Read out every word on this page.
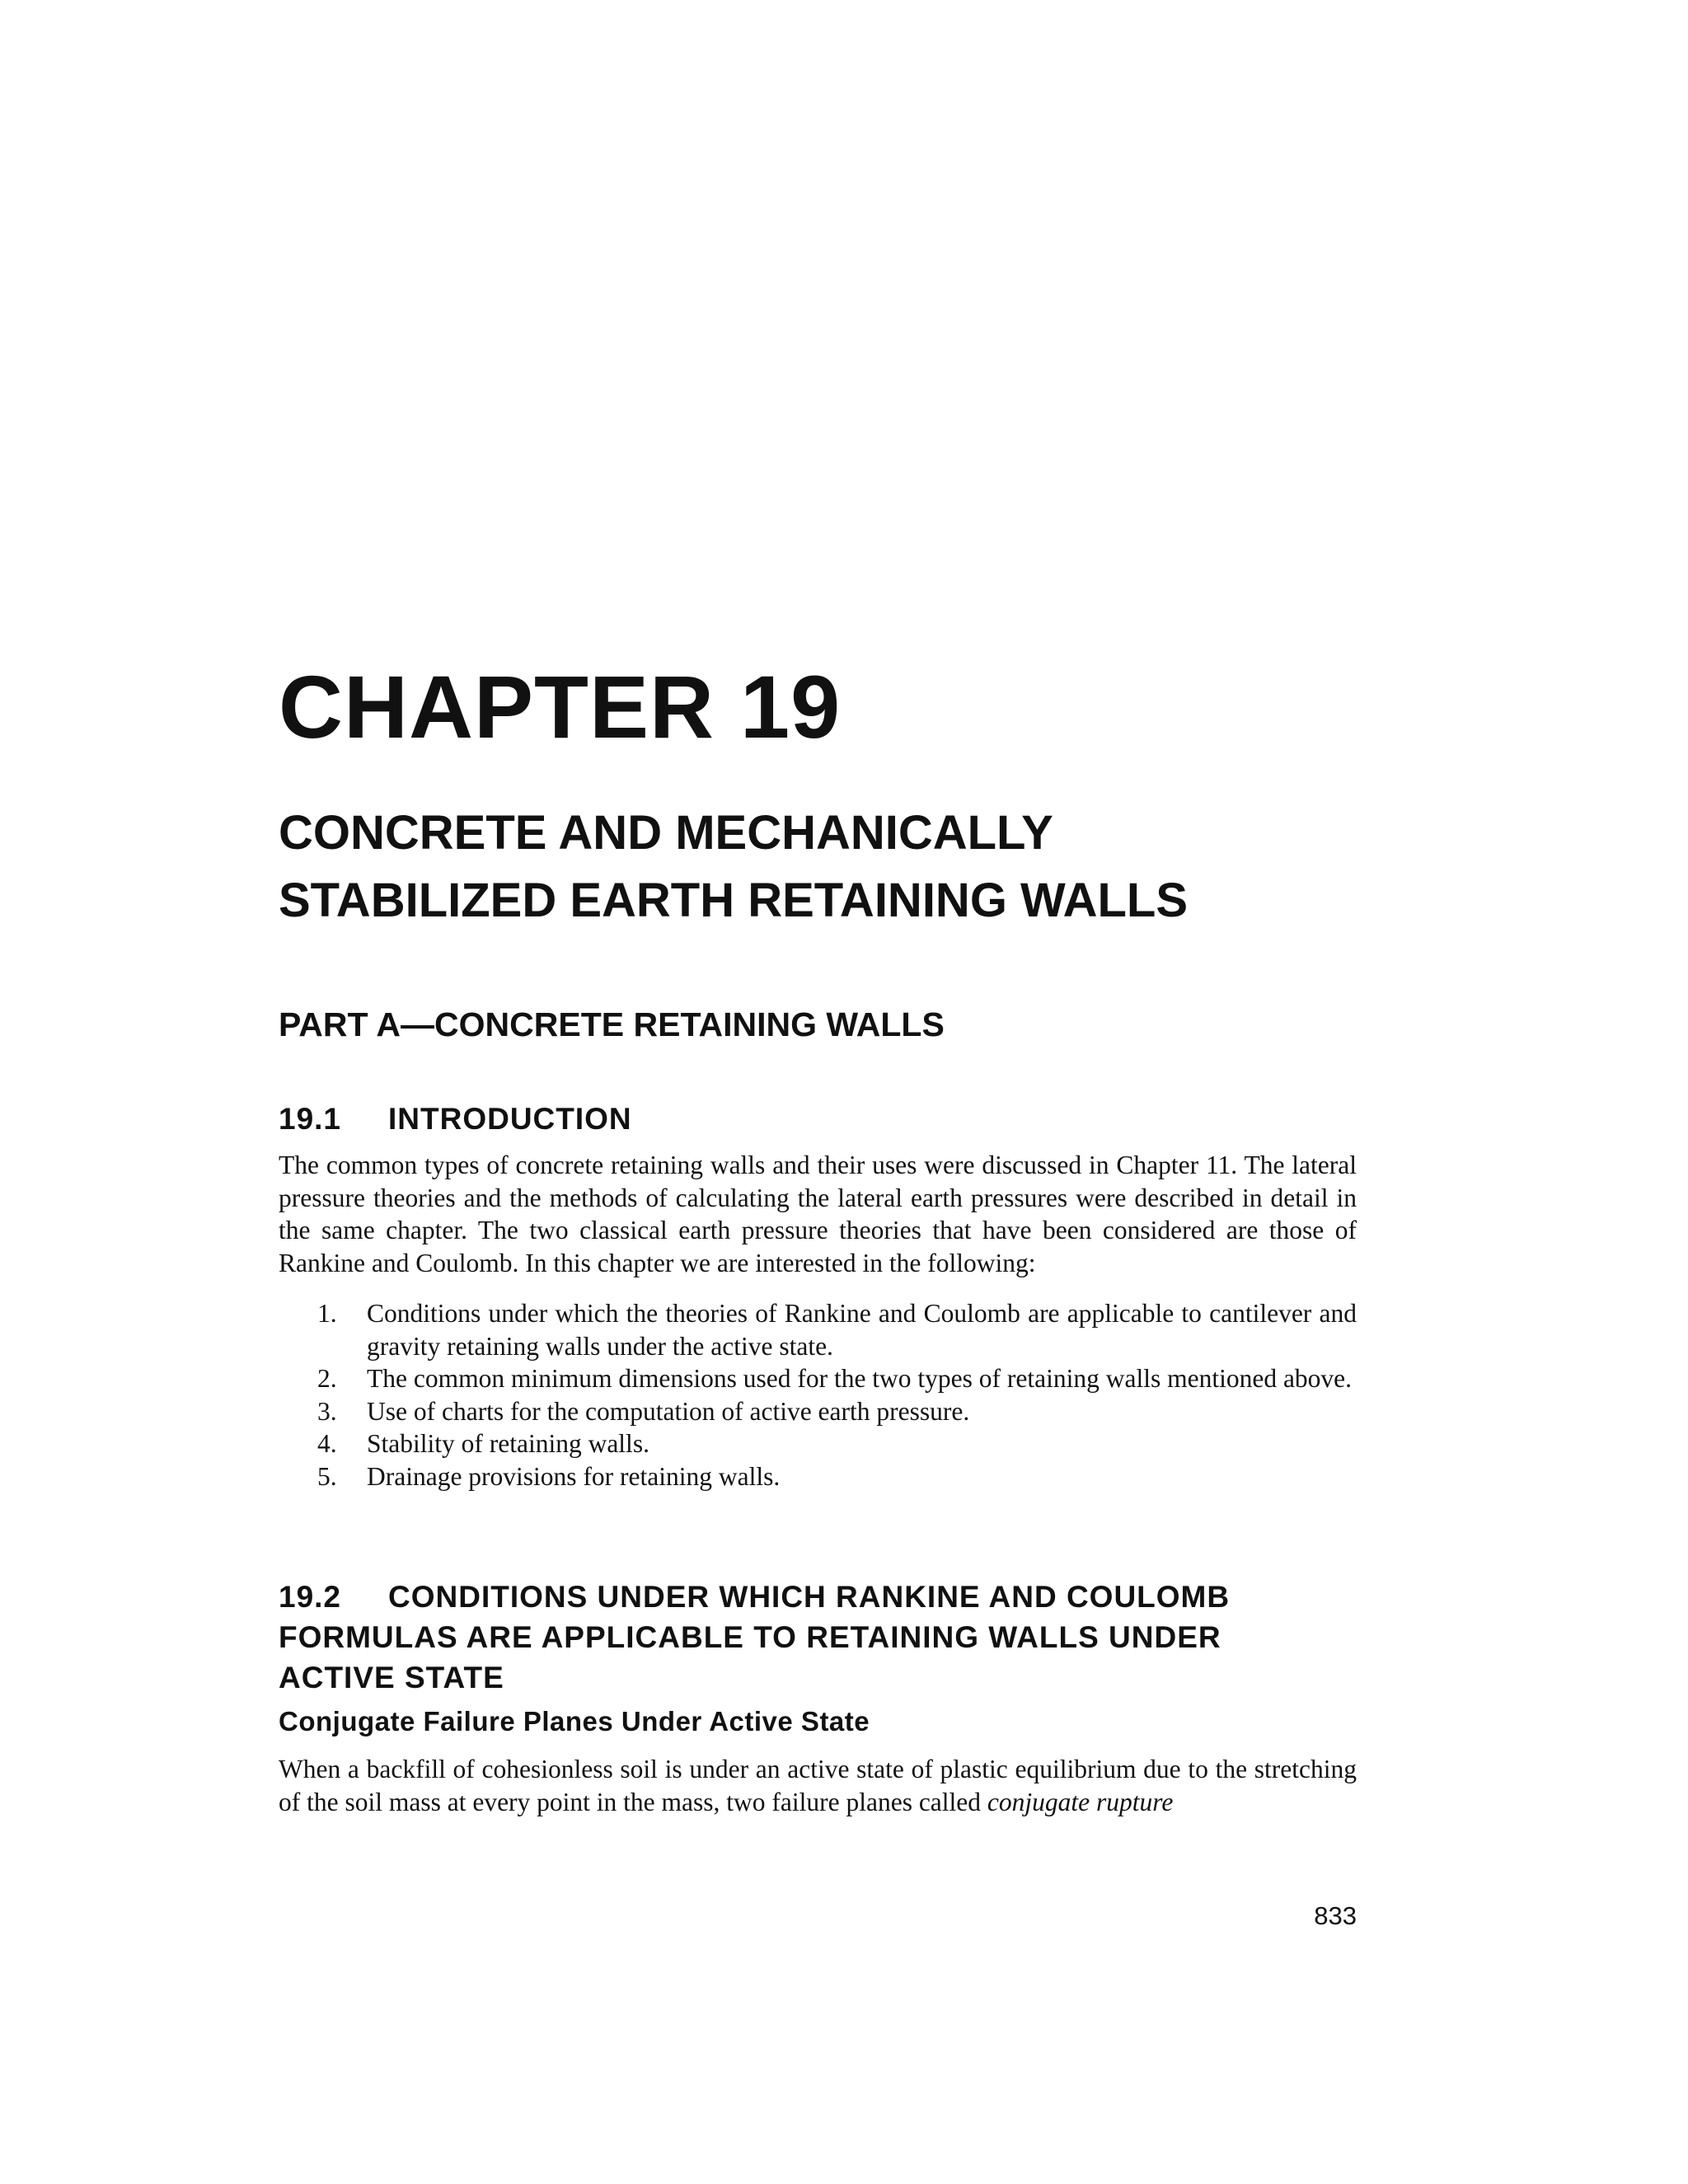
CHAPTER 19
CONCRETE AND MECHANICALLY
STABILIZED EARTH RETAINING WALLS
PART A—CONCRETE RETAINING WALLS
19.1 INTRODUCTION
The common types of concrete retaining walls and their uses were discussed in Chapter 11. The lateral pressure theories and the methods of calculating the lateral earth pressures were described in detail in the same chapter. The two classical earth pressure theories that have been considered are those of Rankine and Coulomb. In this chapter we are interested in the following:
1. Conditions under which the theories of Rankine and Coulomb are applicable to cantilever and gravity retaining walls under the active state.
2. The common minimum dimensions used for the two types of retaining walls mentioned above.
3. Use of charts for the computation of active earth pressure.
4. Stability of retaining walls.
5. Drainage provisions for retaining walls.
19.2 CONDITIONS UNDER WHICH RANKINE AND COULOMB
FORMULAS ARE APPLICABLE TO RETAINING WALLS UNDER
ACTIVE STATE
Conjugate Failure Planes Under Active State
When a backfill of cohesionless soil is under an active state of plastic equilibrium due to the stretching of the soil mass at every point in the mass, two failure planes called conjugate rupture
833
